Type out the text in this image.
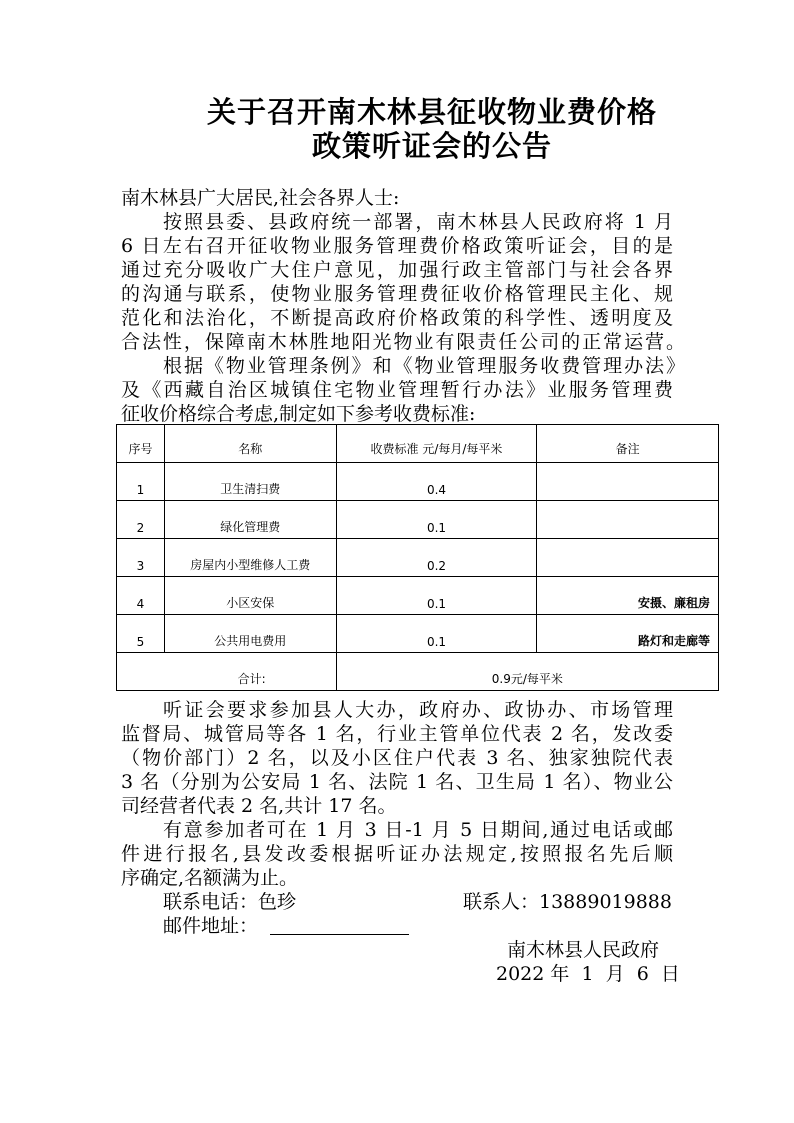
关于召开南木林县征收物业费价格
政策听证会的公告
南木林县广大居民,社会各界人士:
按照县委、县政府统一部署，南木林县人民政府将 1 月
6 日左右召开征收物业服务管理费价格政策听证会，目的是
通过充分吸收广大住户意见，加强行政主管部门与社会各界
的沟通与联系，使物业服务管理费征收价格管理民主化、规
范化和法治化，不断提高政府价格政策的科学性、透明度及
合法性，保障南木林胜地阳光物业有限责任公司的正常运营。
根据《物业管理条例》和《物业管理服务收费管理办法》
及《西藏自治区城镇住宅物业管理暂行办法》业服务管理费
征收价格综合考虑,制定如下参考收费标准:
序号	名称	收费标准 元/每月/每平米	备注
1	卫生清扫费	0.4	
2	绿化管理费	0.1	
3	房屋内小型维修人工费	0.2	
4	小区安保	0.1	安摄、廉租房
5	公共用电费用	0.1	路灯和走廊等
合计:		0.9元/每平米	
听证会要求参加县人大办，政府办、政协办、市场管理
监督局、城管局等各 1 名，行业主管单位代表 2 名，发改委
（物价部门）2 名，以及小区住户代表 3 名、独家独院代表
3 名（分别为公安局 1 名、法院 1 名、卫生局 1 名）、物业公
司经营者代表 2 名,共计 17 名。
有意参加者可在 1 月 3 日-1 月 5 日期间,通过电话或邮
件进行报名,县发改委根据听证办法规定,按照报名先后顺
序确定,名额满为止。
联系电话：色珍	联系人：13889019888
邮件地址：
南木林县人民政府
2022 年  1  月  6  日
